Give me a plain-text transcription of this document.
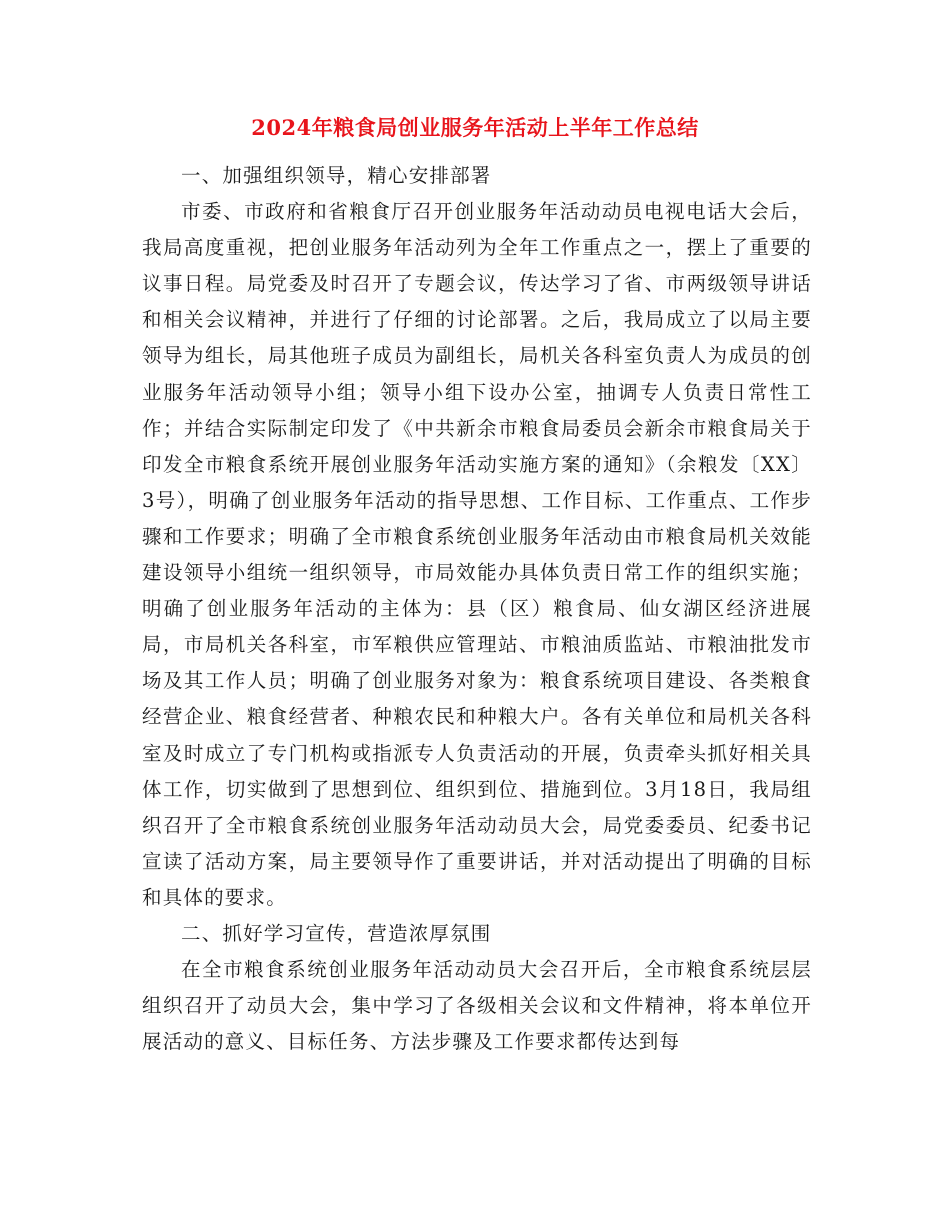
2024年粮食局创业服务年活动上半年工作总结

一、加强组织领导，精心安排部署

市委、市政府和省粮食厅召开创业服务年活动动员电视电话大会后，我局高度重视，把创业服务年活动列为全年工作重点之一，摆上了重要的议事日程。局党委及时召开了专题会议，传达学习了省、市两级领导讲话和相关会议精神，并进行了仔细的讨论部署。之后，我局成立了以局主要领导为组长，局其他班子成员为副组长，局机关各科室负责人为成员的创业服务年活动领导小组；领导小组下设办公室，抽调专人负责日常性工作；并结合实际制定印发了《中共新余市粮食局委员会新余市粮食局关于印发全市粮食系统开展创业服务年活动实施方案的通知》（余粮发〔XX〕3号），明确了创业服务年活动的指导思想、工作目标、工作重点、工作步骤和工作要求；明确了全市粮食系统创业服务年活动由市粮食局机关效能建设领导小组统一组织领导，市局效能办具体负责日常工作的组织实施；明确了创业服务年活动的主体为：县（区）粮食局、仙女湖区经济进展局，市局机关各科室，市军粮供应管理站、市粮油质监站、市粮油批发市场及其工作人员；明确了创业服务对象为：粮食系统项目建设、各类粮食经营企业、粮食经营者、种粮农民和种粮大户。各有关单位和局机关各科室及时成立了专门机构或指派专人负责活动的开展，负责牵头抓好相关具体工作，切实做到了思想到位、组织到位、措施到位。3月18日，我局组织召开了全市粮食系统创业服务年活动动员大会，局党委委员、纪委书记宣读了活动方案，局主要领导作了重要讲话，并对活动提出了明确的目标和具体的要求。

二、抓好学习宣传，营造浓厚氛围

在全市粮食系统创业服务年活动动员大会召开后，全市粮食系统层层组织召开了动员大会，集中学习了各级相关会议和文件精神，将本单位开展活动的意义、目标任务、方法步骤及工作要求都传达到每
